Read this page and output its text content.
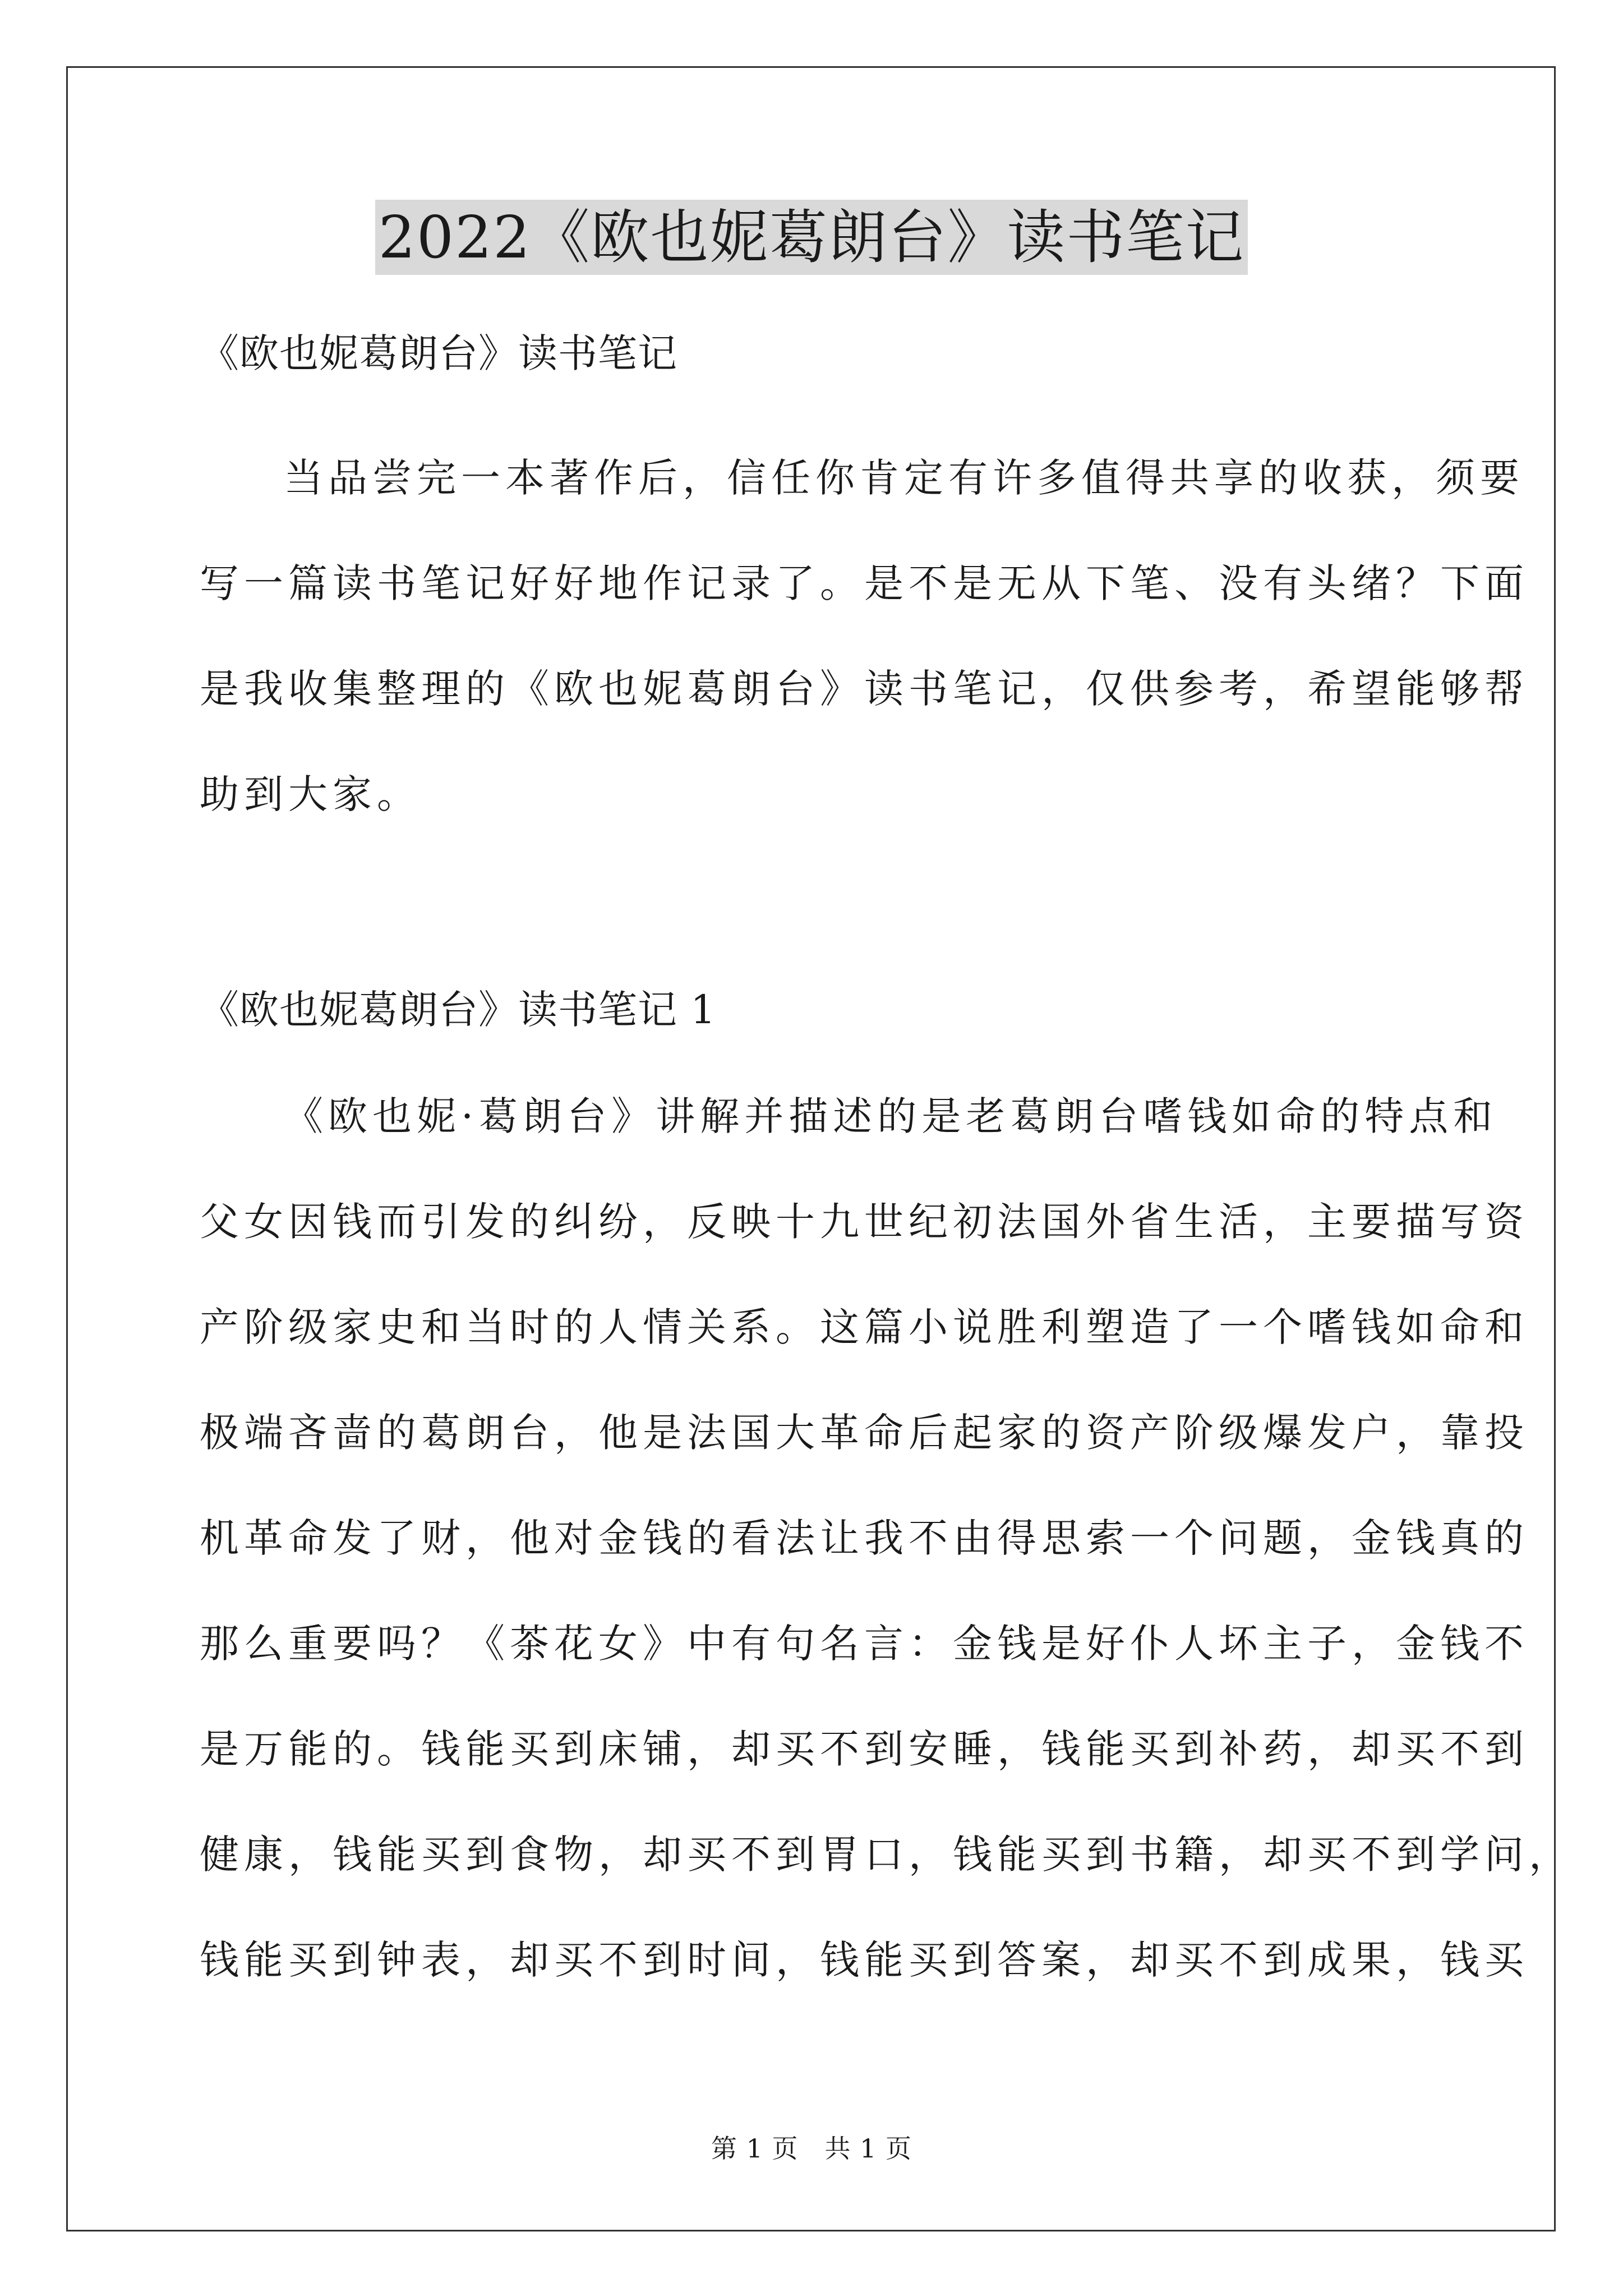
2022《欧也妮葛朗台》读书笔记
《欧也妮葛朗台》读书笔记
当品尝完一本著作后，信任你肯定有许多值得共享的收获，须要
写一篇读书笔记好好地作记录了。是不是无从下笔、没有头绪？下面
是我收集整理的《欧也妮葛朗台》读书笔记，仅供参考，希望能够帮
助到大家。
《欧也妮葛朗台》读书笔记 1
《欧也妮·葛朗台》讲解并描述的是老葛朗台嗜钱如命的特点和
父女因钱而引发的纠纷，反映十九世纪初法国外省生活，主要描写资
产阶级家史和当时的人情关系。这篇小说胜利塑造了一个嗜钱如命和
极端吝啬的葛朗台，他是法国大革命后起家的资产阶级爆发户，靠投
机革命发了财，他对金钱的看法让我不由得思索一个问题，金钱真的
那么重要吗？《茶花女》中有句名言：金钱是好仆人坏主子，金钱不
是万能的。钱能买到床铺，却买不到安睡，钱能买到补药，却买不到
健康，钱能买到食物，却买不到胃口，钱能买到书籍，却买不到学问，
钱能买到钟表，却买不到时间，钱能买到答案，却买不到成果，钱买
第 1 页　共 1 页
